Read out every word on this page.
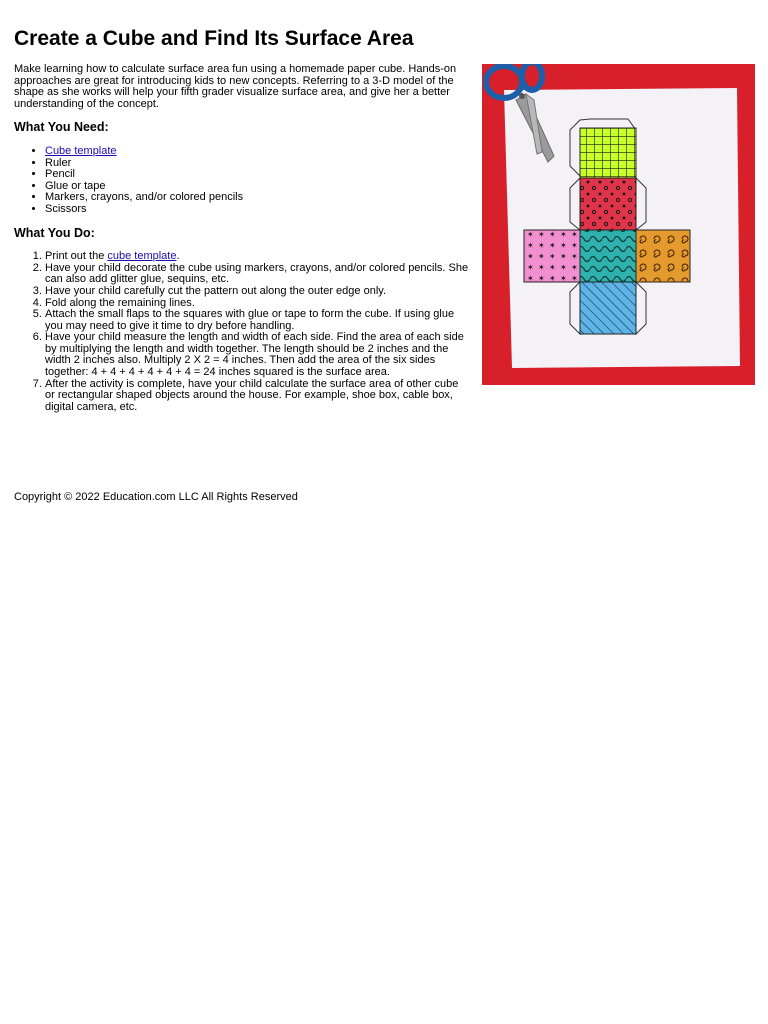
Create a Cube and Find Its Surface Area

Make learning how to calculate surface area fun using a homemade paper cube. Hands-on approaches are great for introducing kids to new concepts. Referring to a 3-D model of the shape as she works will help your fifth grader visualize surface area, and give her a better understanding of the concept.

What You Need:
• Cube template
• Ruler
• Pencil
• Glue or tape
• Markers, crayons, and/or colored pencils
• Scissors
What You Do:
1. Print out the cube template.
2. Have your child decorate the cube using markers, crayons, and/or colored pencils. She can also add glitter glue, sequins, etc.
3. Have your child carefully cut the pattern out along the outer edge only.
4. Fold along the remaining lines.
5. Attach the small flaps to the squares with glue or tape to form the cube. If using glue you may need to give it time to dry before handling.
6. Have your child measure the length and width of each side. Find the area of each side by multiplying the length and width together. The length should be 2 inches and the width 2 inches also. Multiply 2 X 2 = 4 inches. Then add the area of the six sides together: 4 + 4 + 4 + 4 + 4 + 4 = 24 inches squared is the surface area.
7. After the activity is complete, have your child calculate the surface area of other cube or rectangular shaped objects around the house. For example, shoe box, cable box, digital camera, etc.
Copyright © 2022 Education.com LLC All Rights Reserved
